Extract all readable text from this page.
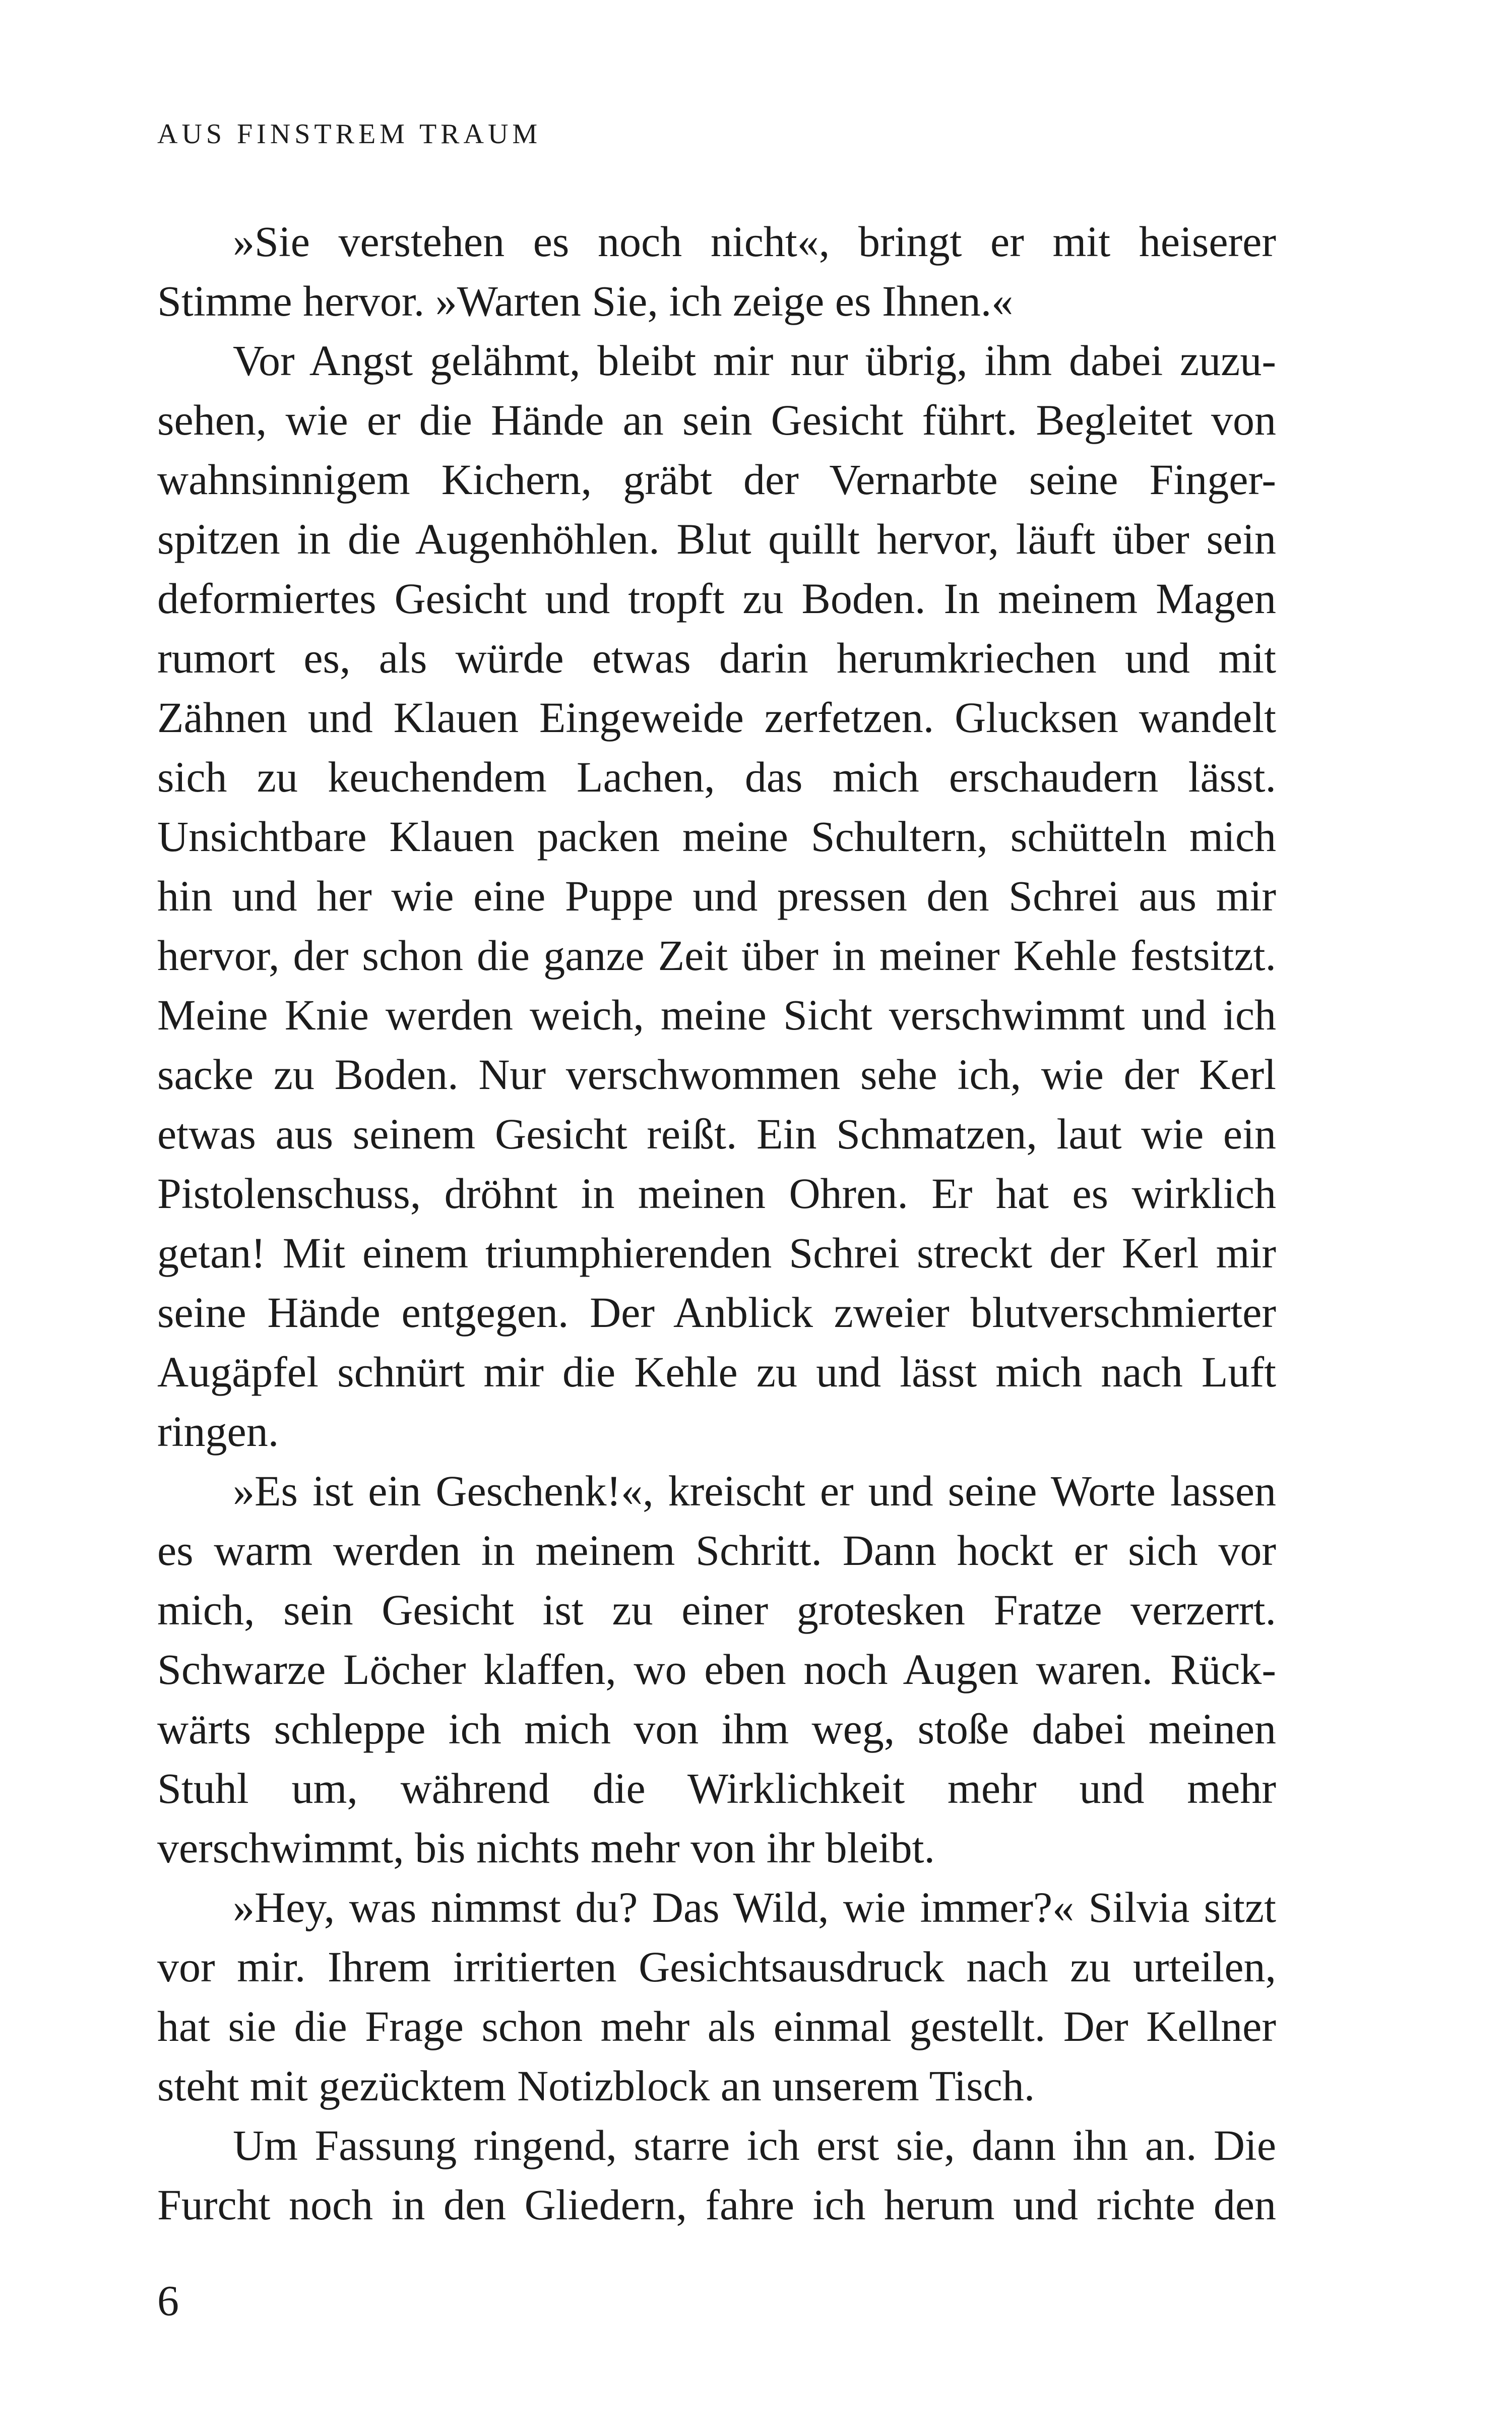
AUS FINSTREM TRAUM
»Sie verstehen es noch nicht«, bringt er mit heiserer
Stimme hervor. »Warten Sie, ich zeige es Ihnen.«
Vor Angst gelähmt, bleibt mir nur übrig, ihm dabei zuzu-
sehen, wie er die Hände an sein Gesicht führt. Begleitet von
wahnsinnigem Kichern, gräbt der Vernarbte seine Finger-
spitzen in die Augenhöhlen. Blut quillt hervor, läuft über sein
deformiertes Gesicht und tropft zu Boden. In meinem Magen
rumort es, als würde etwas darin herumkriechen und mit
Zähnen und Klauen Eingeweide zerfetzen. Glucksen wandelt
sich zu keuchendem Lachen, das mich erschaudern lässt.
Unsichtbare Klauen packen meine Schultern, schütteln mich
hin und her wie eine Puppe und pressen den Schrei aus mir
hervor, der schon die ganze Zeit über in meiner Kehle festsitzt.
Meine Knie werden weich, meine Sicht verschwimmt und ich
sacke zu Boden. Nur verschwommen sehe ich, wie der Kerl
etwas aus seinem Gesicht reißt. Ein Schmatzen, laut wie ein
Pistolenschuss, dröhnt in meinen Ohren. Er hat es wirklich
getan! Mit einem triumphierenden Schrei streckt der Kerl mir
seine Hände entgegen. Der Anblick zweier blutverschmierter
Augäpfel schnürt mir die Kehle zu und lässt mich nach Luft
ringen.
»Es ist ein Geschenk!«, kreischt er und seine Worte lassen
es warm werden in meinem Schritt. Dann hockt er sich vor
mich, sein Gesicht ist zu einer grotesken Fratze verzerrt.
Schwarze Löcher klaffen, wo eben noch Augen waren. Rück-
wärts schleppe ich mich von ihm weg, stoße dabei meinen
Stuhl um, während die Wirklichkeit mehr und mehr
verschwimmt, bis nichts mehr von ihr bleibt.
»Hey, was nimmst du? Das Wild, wie immer?« Silvia sitzt
vor mir. Ihrem irritierten Gesichtsausdruck nach zu urteilen,
hat sie die Frage schon mehr als einmal gestellt. Der Kellner
steht mit gezücktem Notizblock an unserem Tisch.
Um Fassung ringend, starre ich erst sie, dann ihn an. Die
Furcht noch in den Gliedern, fahre ich herum und richte den
6
